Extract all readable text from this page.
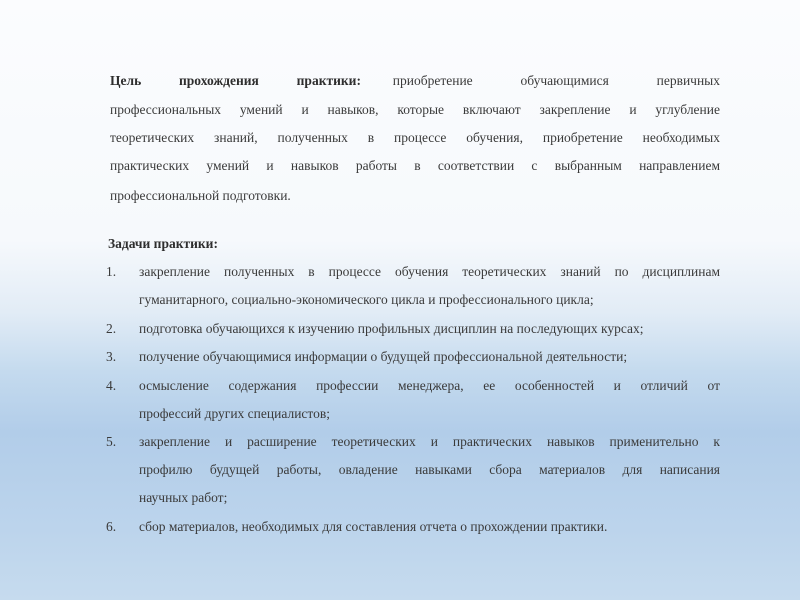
Цель прохождения практики: приобретение обучающимися первичных
профессиональных умений и навыков, которые включают закрепление и углубление
теоретических знаний, полученных в процессе обучения, приобретение необходимых
практических умений и навыков работы в соответствии с выбранным направлением
профессиональной подготовки.
Задачи практики:
1. закрепление полученных в процессе обучения теоретических знаний по дисциплинам
гуманитарного, социально-экономического цикла и профессионального цикла;
2. подготовка обучающихся к изучению профильных дисциплин на последующих курсах;
3. получение обучающимися информации о будущей профессиональной деятельности;
4. осмысление содержания профессии менеджера, ее особенностей и отличий от
профессий других специалистов;
5. закрепление и расширение теоретических и практических навыков применительно к
профилю будущей работы, овладение навыками сбора материалов для написания
научных работ;
6. сбор материалов, необходимых для составления отчета о прохождении практики.
